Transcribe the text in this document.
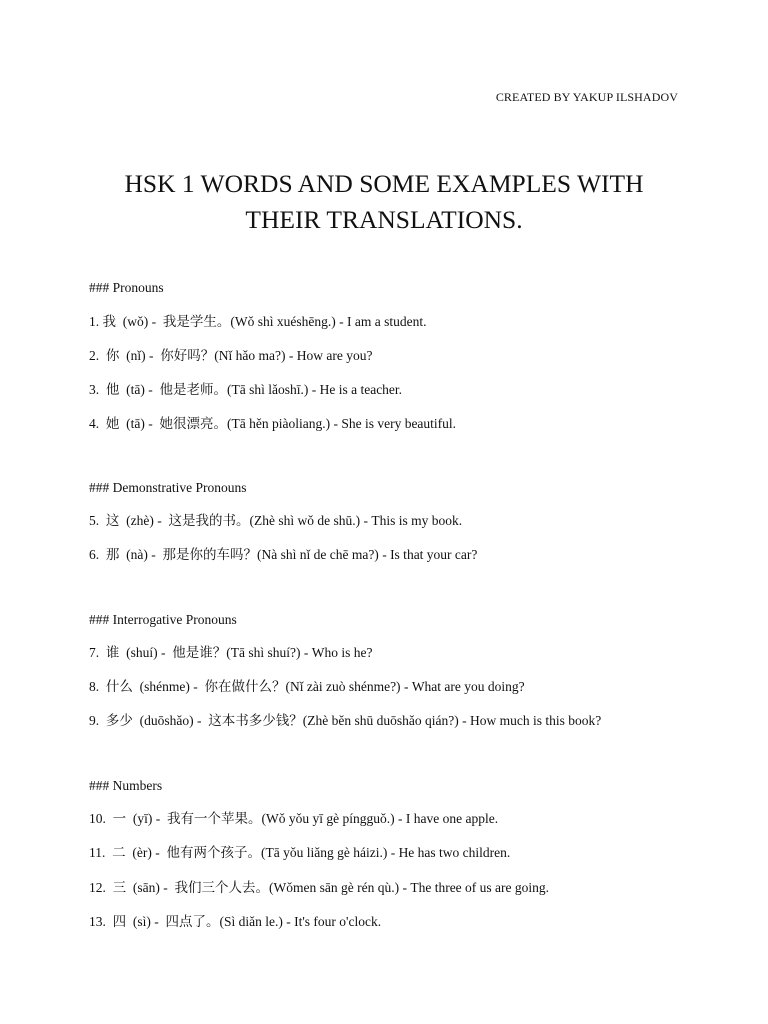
CREATED BY YAKUP ILSHADOV
HSK 1 WORDS AND SOME EXAMPLES WITH
THEIR TRANSLATIONS.
### Pronouns
1. 我 (wǒ) -  我是学生。(Wǒ shì xuéshēng.) - I am a student.
2. 你 (nǐ) -  你好吗？(Nǐ hǎo ma?) - How are you?
3. 他 (tā) -  他是老师。(Tā shì lǎoshī.) - He is a teacher.
4. 她 (tā) -  她很漂亮。(Tā hěn piàoliang.) - She is very beautiful.
### Demonstrative Pronouns
5. 这 (zhè) -  这是我的书。(Zhè shì wǒ de shū.) - This is my book.
6. 那 (nà) -  那是你的车吗？(Nà shì nǐ de chē ma?) - Is that your car?
### Interrogative Pronouns
7. 谁 (shuí) -  他是谁？(Tā shì shuí?) - Who is he?
8. 什么 (shénme) -  你在做什么？(Nǐ zài zuò shénme?) - What are you doing?
9. 多少 (duōshǎo) -  这本书多少钱？(Zhè běn shū duōshǎo qián?) - How much is this book?
### Numbers
10. 一 (yī) -  我有一个苹果。(Wǒ yǒu yī gè píngguǒ.) - I have one apple.
11. 二 (èr) -  他有两个孩子。(Tā yǒu liǎng gè háizi.) - He has two children.
12. 三 (sān) -  我们三个人去。(Wǒmen sān gè rén qù.) - The three of us are going.
13. 四 (sì) -  四点了。(Sì diǎn le.) - It's four o'clock.
